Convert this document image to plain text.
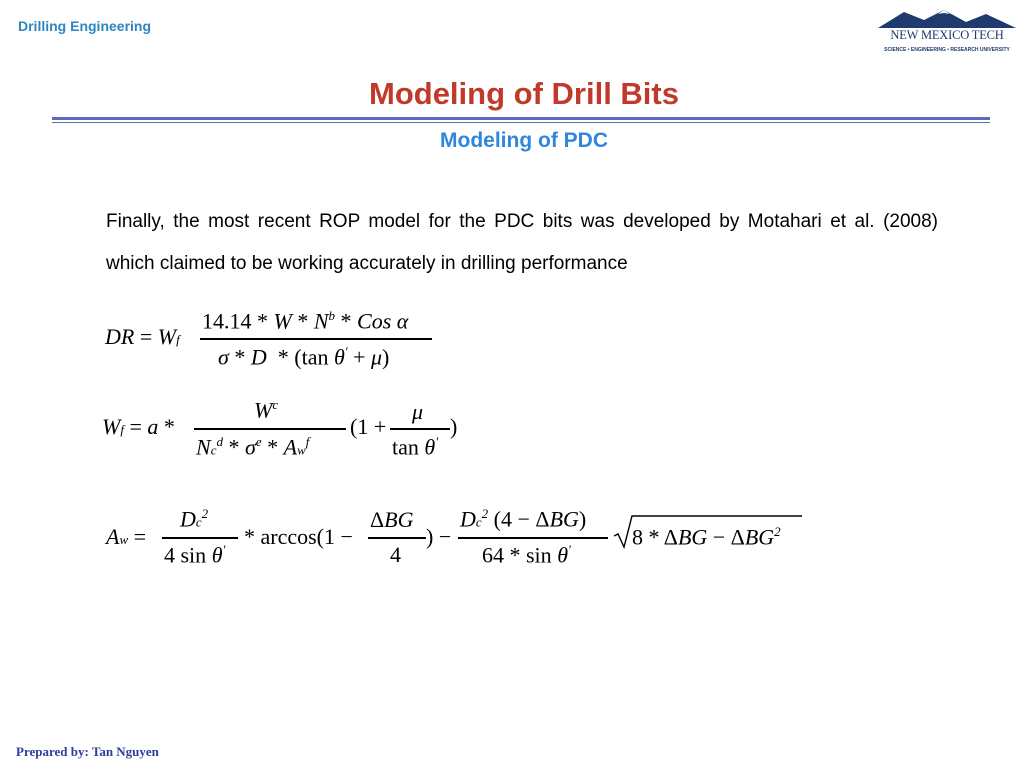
Drilling Engineering
NEW MEXICO TECH
SCIENCE • ENGINEERING • RESEARCH UNIVERSITY
Modeling of Drill Bits
Modeling of PDC
Finally, the most recent ROP model for the PDC bits was developed by Motahari et al. (2008) which claimed to be working accurately in drilling performance
DR = Wf
14.14 * W * $N^b$ * Cos α
σ * D  * (tan θ' + μ)
Wf = a *
$W^c$
$Nc^d * \sigma^e * Aw^f$
(1 +
μ
tan θ'
)
Aw =
$Dc^2$
4 sin θ'
* arccos(1 −
ΔBG
4
) −
$Dc^2$ (4 − ΔBG)
64 * sin θ'
$8 * \Delta BG - \Delta BG^2$
Prepared by: Tan Nguyen
